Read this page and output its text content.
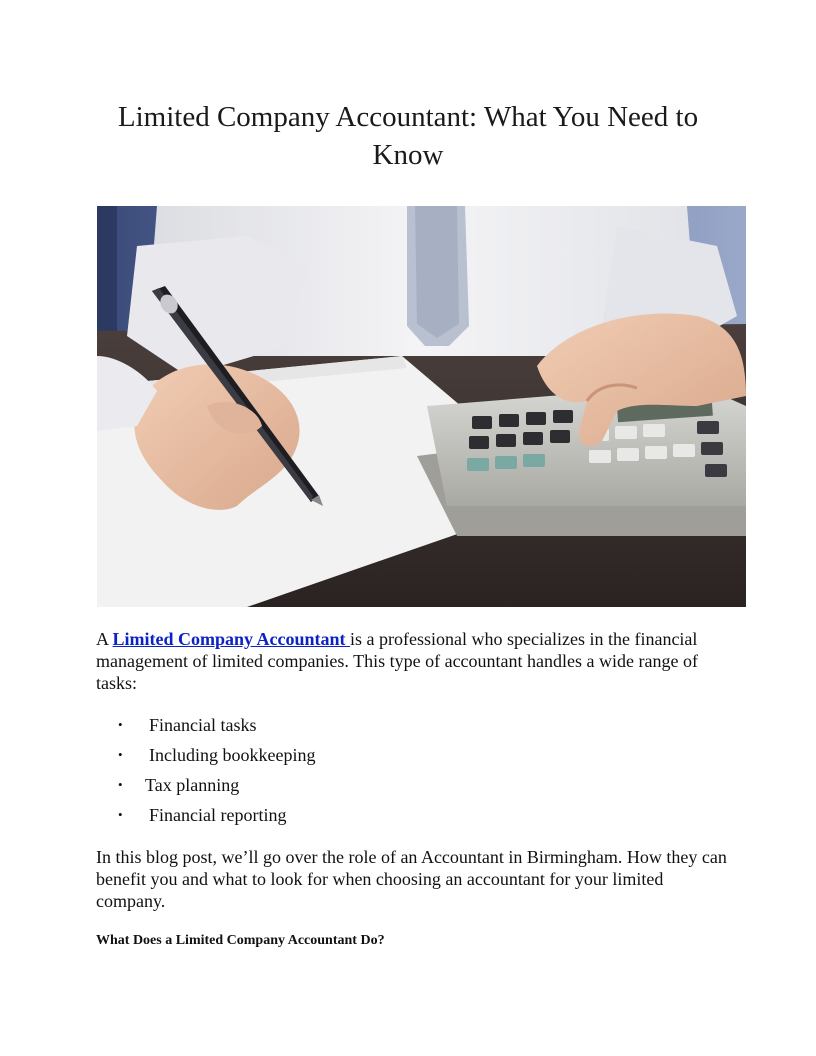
Limited Company Accountant: What You Need to Know

A Limited Company Accountant is a professional who specializes in the financial management of limited companies. This type of accountant handles a wide range of tasks:

• Financial tasks
• Including bookkeeping
• Tax planning
• Financial reporting

In this blog post, we’ll go over the role of an Accountant in Birmingham. How they can benefit you and what to look for when choosing an accountant for your limited company.

What Does a Limited Company Accountant Do?
